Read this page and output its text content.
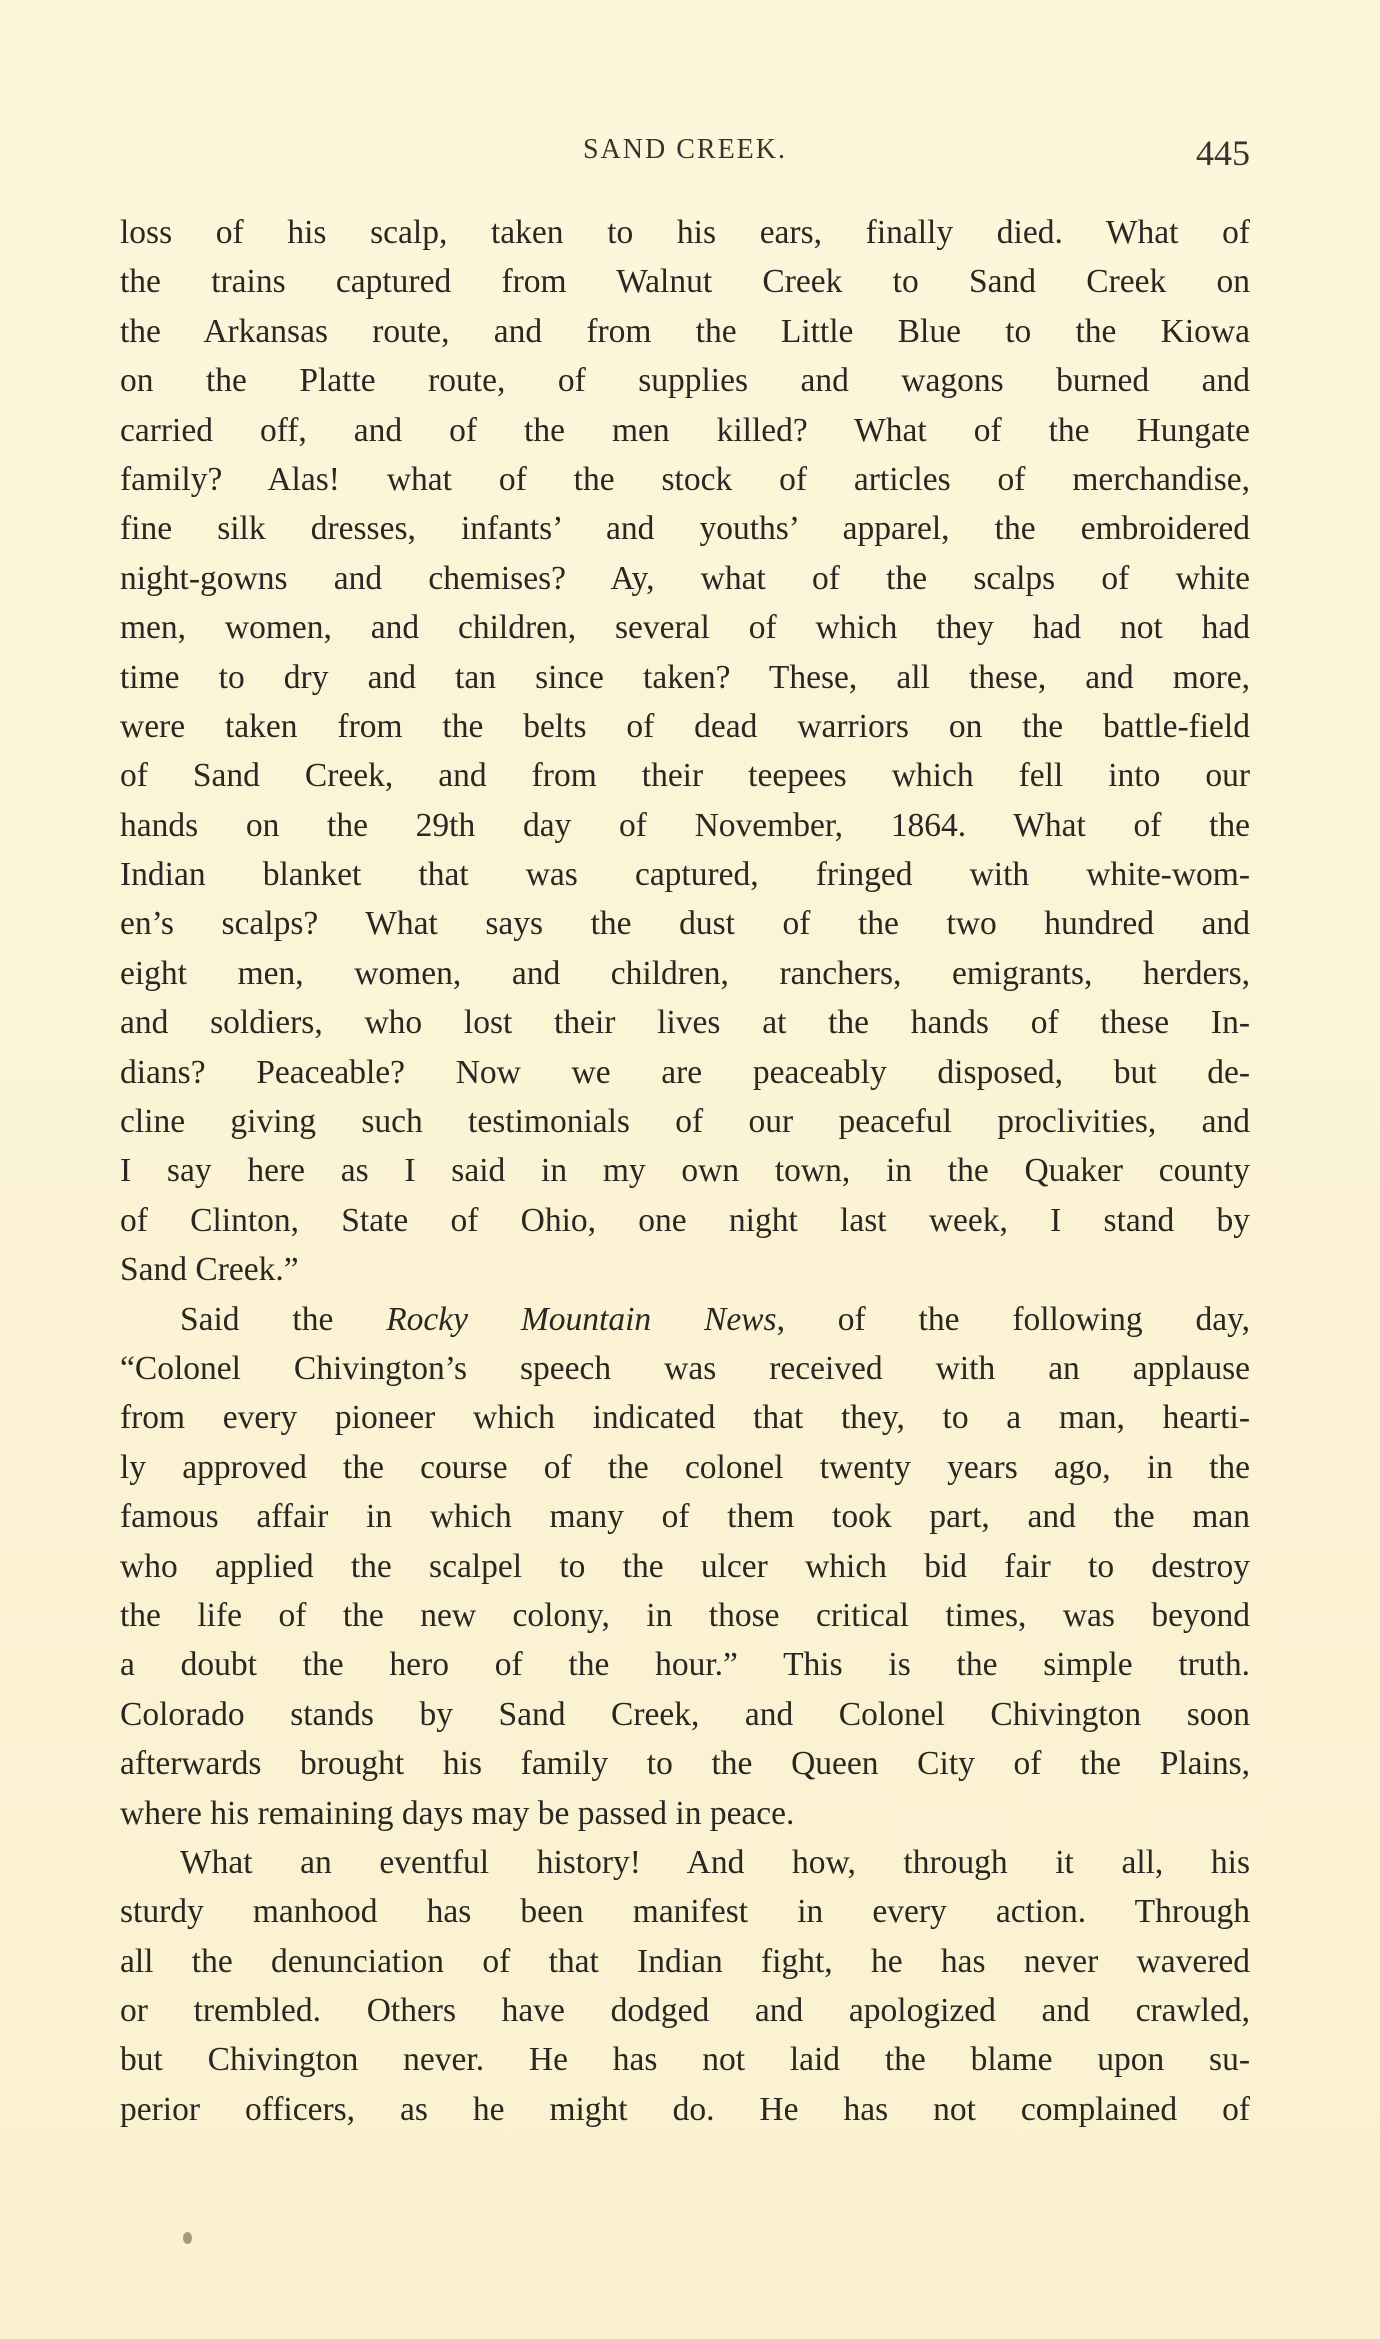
SAND CREEK.	445
loss of his scalp, taken to his ears, finally died. What of
the trains captured from Walnut Creek to Sand Creek on
the Arkansas route, and from the Little Blue to the Kiowa
on the Platte route, of supplies and wagons burned and
carried off, and of the men killed? What of the Hungate
family? Alas! what of the stock of articles of merchandise,
fine silk dresses, infants’ and youths’ apparel, the embroidered
night-gowns and chemises? Ay, what of the scalps of white
men, women, and children, several of which they had not had
time to dry and tan since taken? These, all these, and more,
were taken from the belts of dead warriors on the battle-field
of Sand Creek, and from their teepees which fell into our
hands on the 29th day of November, 1864. What of the
Indian blanket that was captured, fringed with white-wom-
en’s scalps? What says the dust of the two hundred and
eight men, women, and children, ranchers, emigrants, herders,
and soldiers, who lost their lives at the hands of these In-
dians? Peaceable? Now we are peaceably disposed, but de-
cline giving such testimonials of our peaceful proclivities, and
I say here as I said in my own town, in the Quaker county
of Clinton, State of Ohio, one night last week, I stand by
Sand Creek.”
Said the Rocky Mountain News, of the following day,
“Colonel Chivington’s speech was received with an applause
from every pioneer which indicated that they, to a man, hearti-
ly approved the course of the colonel twenty years ago, in the
famous affair in which many of them took part, and the man
who applied the scalpel to the ulcer which bid fair to destroy
the life of the new colony, in those critical times, was beyond
a doubt the hero of the hour.” This is the simple truth.
Colorado stands by Sand Creek, and Colonel Chivington soon
afterwards brought his family to the Queen City of the Plains,
where his remaining days may be passed in peace.
What an eventful history! And how, through it all, his
sturdy manhood has been manifest in every action. Through
all the denunciation of that Indian fight, he has never wavered
or trembled. Others have dodged and apologized and crawled,
but Chivington never. He has not laid the blame upon su-
perior officers, as he might do. He has not complained of
